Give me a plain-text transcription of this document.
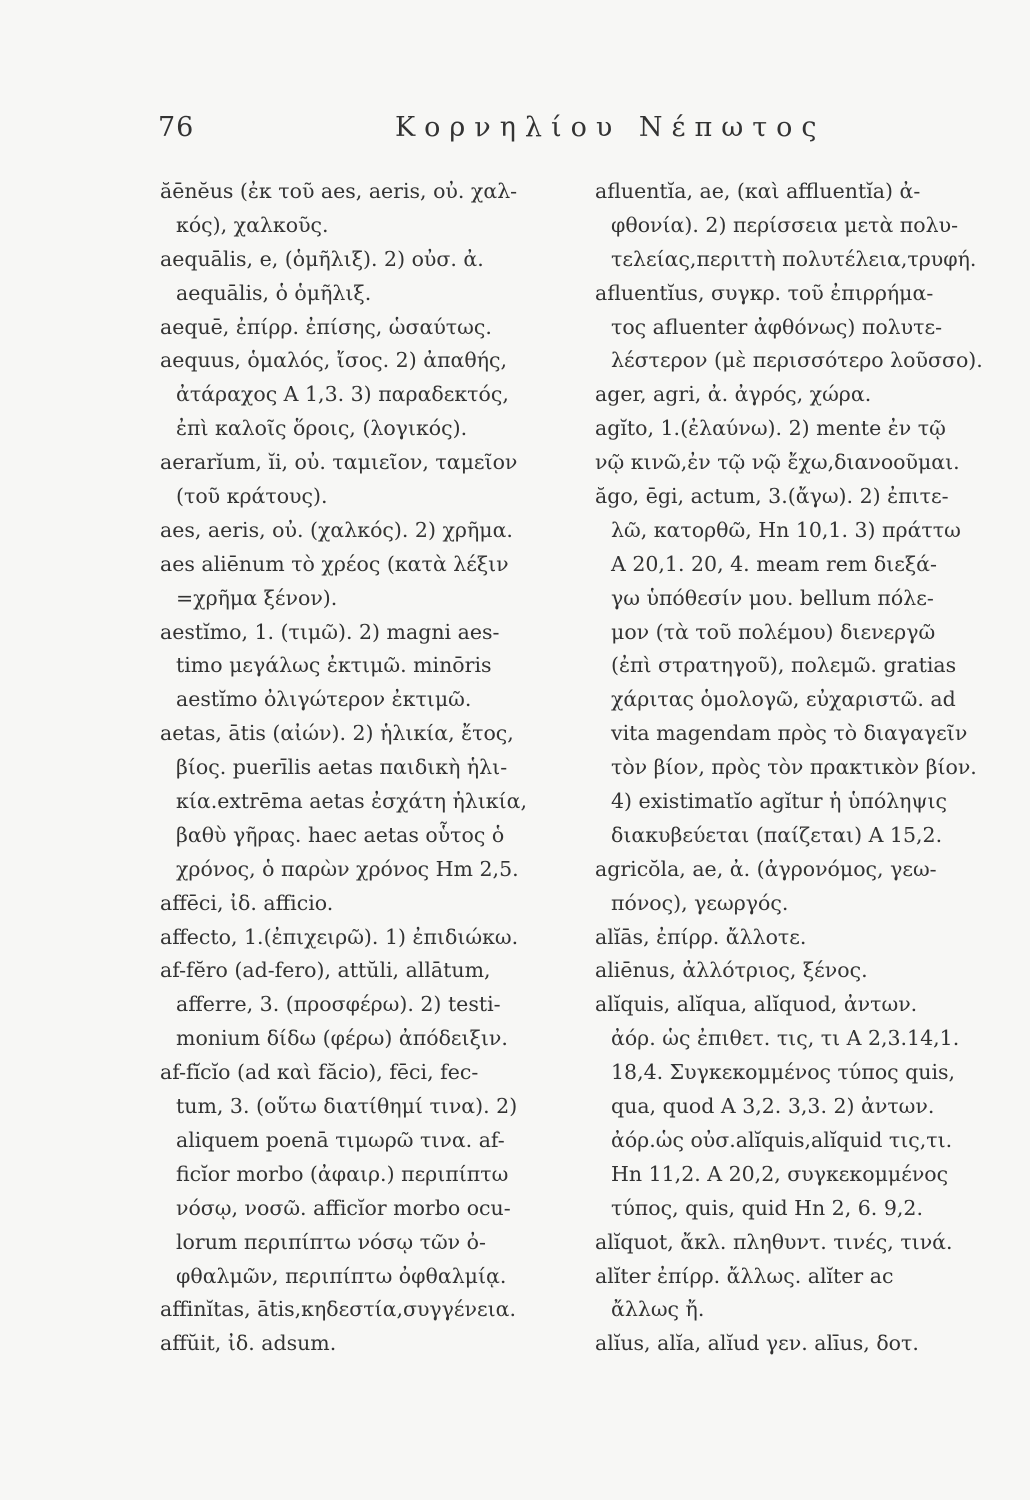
76	Κορνηλίου Νέπωτος
ăēnĕus (ἐκ τοῦ aes, aeris, οὐ. χαλ-
κός), χαλκοῦς.
aequālis, e, (ὁμῆλιξ). 2) οὐσ. ἀ.
aequālis, ὁ ὁμῆλιξ.
aequē, ἐπίρρ. ἐπίσης, ὡσαύτως.
aequus, ὁμαλός, ἴσος. 2) ἀπαθής,
ἀτάραχος A 1,3. 3) παραδεκτός,
ἐπὶ καλοῖς ὅροις, (λογικός).
aerarĭum, ĭi, οὐ. ταμιεῖον, ταμεῖον
(τοῦ κράτους).
aes, aeris, οὐ. (χαλκός). 2) χρῆμα.
aes aliēnum τὸ χρέος (κατὰ λέξιν
=χρῆμα ξένον).
aestĭmo, 1. (τιμῶ). 2) magni aes-
timo μεγάλως ἐκτιμῶ. minōris
aestĭmo ὀλιγώτερον ἐκτιμῶ.
aetas, ātis (αἰών). 2) ἡλικία, ἔτος,
βίος. puerīlis aetas παιδικὴ ἡλι-
κία.extrēma aetas ἐσχάτη ἡλικία,
βαθὺ γῆρας. haec aetas οὗτος ὁ
χρόνος, ὁ παρὼν χρόνος Hm 2,5.
affēci, ἰδ. afficio.
affecto, 1.(ἐπιχειρῶ). 1) ἐπιδιώκω.
af-fĕro (ad-fero), attŭli, allātum,
afferre, 3. (προσφέρω). 2) testi-
monium δίδω (φέρω) ἀπόδειξιν.
af-fĭcĭo (ad καὶ făcio), fēci, fec-
tum, 3. (οὕτω διατίθημί τινα). 2)
aliquem poenā τιμωρῶ τινα. af-
ficĭor morbo (ἀφαιρ.) περιπίπτω
νόσῳ, νοσῶ. afficĭor morbo ocu-
lorum περιπίπτω νόσῳ τῶν ὀ-
φθαλμῶν, περιπίπτω ὀφθαλμίᾳ.
affinĭtas, ātis,κηδεστία,συγγένεια.
affŭit, ἰδ. adsum.
afluentĭa, ae, (καὶ affluentĭa) ἀ-
φθονία). 2) περίσσεια μετὰ πολυ-
τελείας,περιττὴ πολυτέλεια,τρυφή.
afluentĭus, συγκρ. τοῦ ἐπιρρήμα-
τος afluenter ἀφθόνως) πολυτε-
λέστερον (μὲ περισσότερο λοῦσσο).
ager, agri, ἀ. ἀγρός, χώρα.
agĭto, 1.(ἐλαύνω). 2) mente ἐν τῷ
νῷ κινῶ,ἐν τῷ νῷ ἔχω,διανοοῦμαι.
ăgo, ēgi, actum, 3.(ἄγω). 2) ἐπιτε-
λῶ, κατορθῶ, Hn 10,1. 3) πράττω
A 20,1. 20, 4. meam rem διεξά-
γω ὑπόθεσίν μου. bellum πόλε-
μον (τὰ τοῦ πολέμου) διενεργῶ
(ἐπὶ στρατηγοῦ), πολεμῶ. gratias
χάριτας ὁμολογῶ, εὐχαριστῶ. ad
vita magendam πρὸς τὸ διαγαγεῖν
τὸν βίον, πρὸς τὸν πρακτικὸν βίον.
4) existimatĭo agĭtur ἡ ὑπόληψις
διακυβεύεται (παίζεται) A 15,2.
agricŏla, ae, ἀ. (ἀγρονόμος, γεω-
πόνος), γεωργός.
alĭās, ἐπίρρ. ἄλλοτε.
aliēnus, ἀλλότριος, ξένος.
alĭquis, alĭqua, alĭquod, ἀντων.
ἀόρ. ὡς ἐπιθετ. τις, τι A 2,3.14,1.
18,4. Συγκεκομμένος τύπος quis,
qua, quod A 3,2. 3,3. 2) ἀντων.
ἀόρ.ὡς οὐσ.alĭquis,alĭquid τις,τι.
Hn 11,2. A 20,2, συγκεκομμένος
τύπος, quis, quid Hn 2, 6. 9,2.
alĭquot, ἄκλ. πληθυντ. τινές, τινά.
alĭter ἐπίρρ. ἄλλως. alĭter ac
ἄλλως ἤ.
alĭus, alĭa, alĭud γεν. alīus, δοτ.
